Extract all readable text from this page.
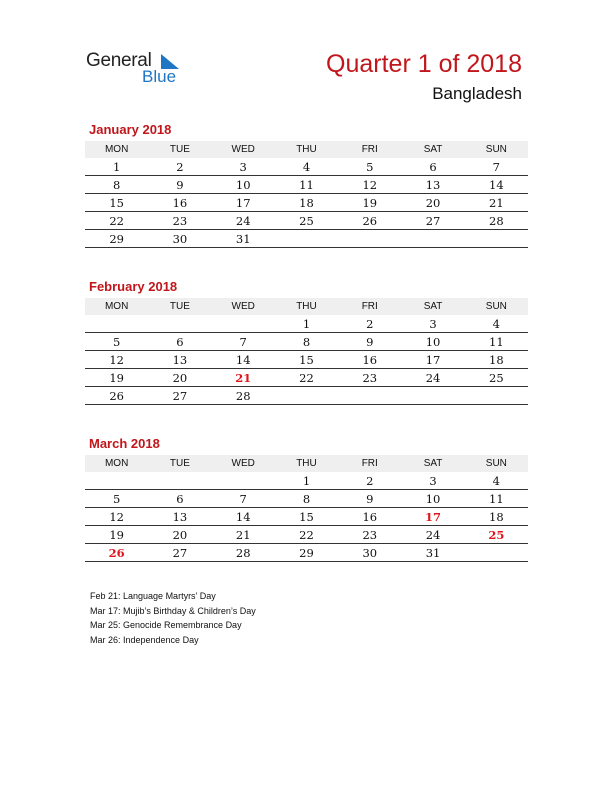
General
Blue	Quarter 1 of 2018
Bangladesh
January 2018
MON	TUE	WED	THU	FRI	SAT	SUN
1	2	3	4	5	6	7
8	9	10	11	12	13	14
15	16	17	18	19	20	21
22	23	24	25	26	27	28
29	30	31				
February 2018
MON	TUE	WED	THU	FRI	SAT	SUN
			1	2	3	4
5	6	7	8	9	10	11
12	13	14	15	16	17	18
19	20	21	22	23	24	25
26	27	28				
March 2018
MON	TUE	WED	THU	FRI	SAT	SUN
			1	2	3	4
5	6	7	8	9	10	11
12	13	14	15	16	17	18
19	20	21	22	23	24	25
26	27	28	29	30	31	
Feb 21: Language Martyrs’ Day
Mar 17: Mujib’s Birthday & Children’s Day
Mar 25: Genocide Remembrance Day
Mar 26: Independence Day
